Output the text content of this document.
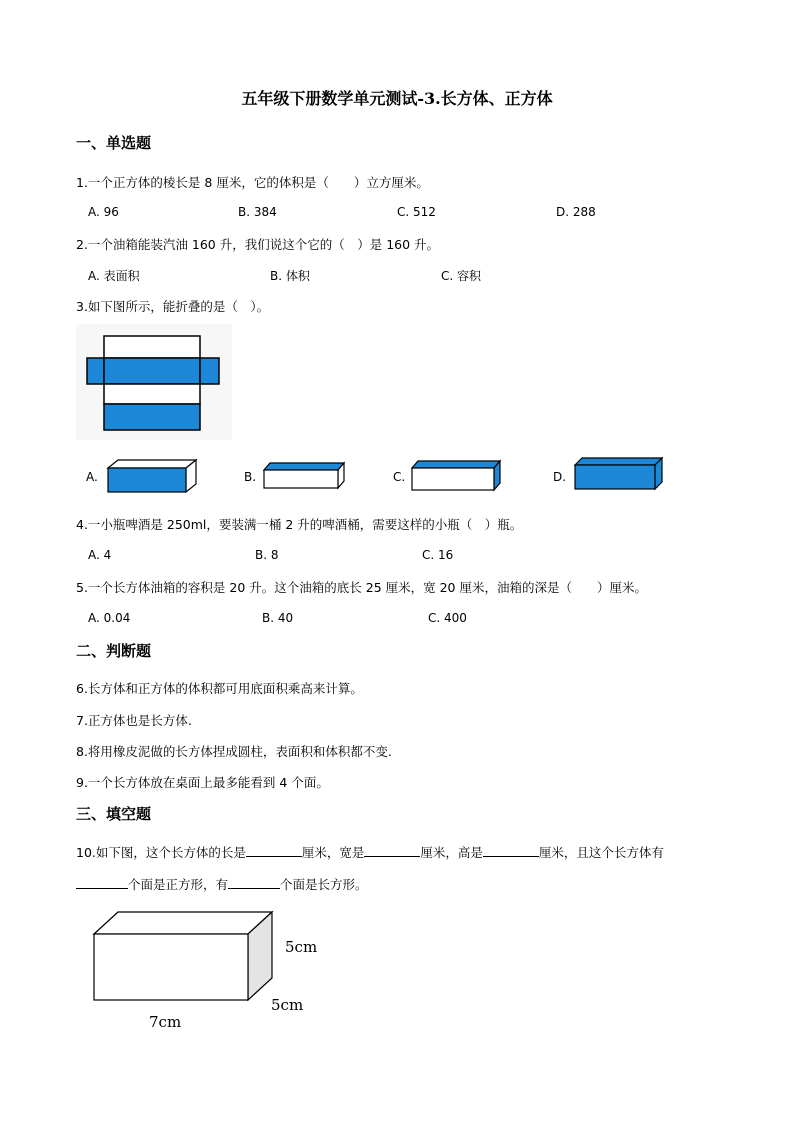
五年级下册数学单元测试-3.长方体、正方体
一、单选题
1.一个正方体的棱长是 8 厘米，它的体积是（　　）立方厘米。
A. 96	B. 384	C. 512	D. 288
2.一个油箱能装汽油 160 升，我们说这个它的（　）是 160 升。
A. 表面积	B. 体积	C. 容积
3.如下图所示，能折叠的是（　）。
A.	B.	C.	D.
4.一小瓶啤酒是 250ml，要装满一桶 2 升的啤酒桶，需要这样的小瓶（　）瓶。
A. 4	B. 8	C. 16
5.一个长方体油箱的容积是 20 升。这个油箱的底长 25 厘米，宽 20 厘米，油箱的深是（　　）厘米。
A. 0.04	B. 40	C. 400
二、判断题
6.长方体和正方体的体积都可用底面积乘高来计算。
7.正方体也是长方体.
8.将用橡皮泥做的长方体捏成圆柱，表面积和体积都不变.
9.一个长方体放在桌面上最多能看到 4 个面。
三、填空题
10.如下图，这个长方体的长是	厘米，宽是	厘米，高是	厘米，且这个长方体有
个面是正方形，有	个面是长方形。
5cm
5cm
7cm
